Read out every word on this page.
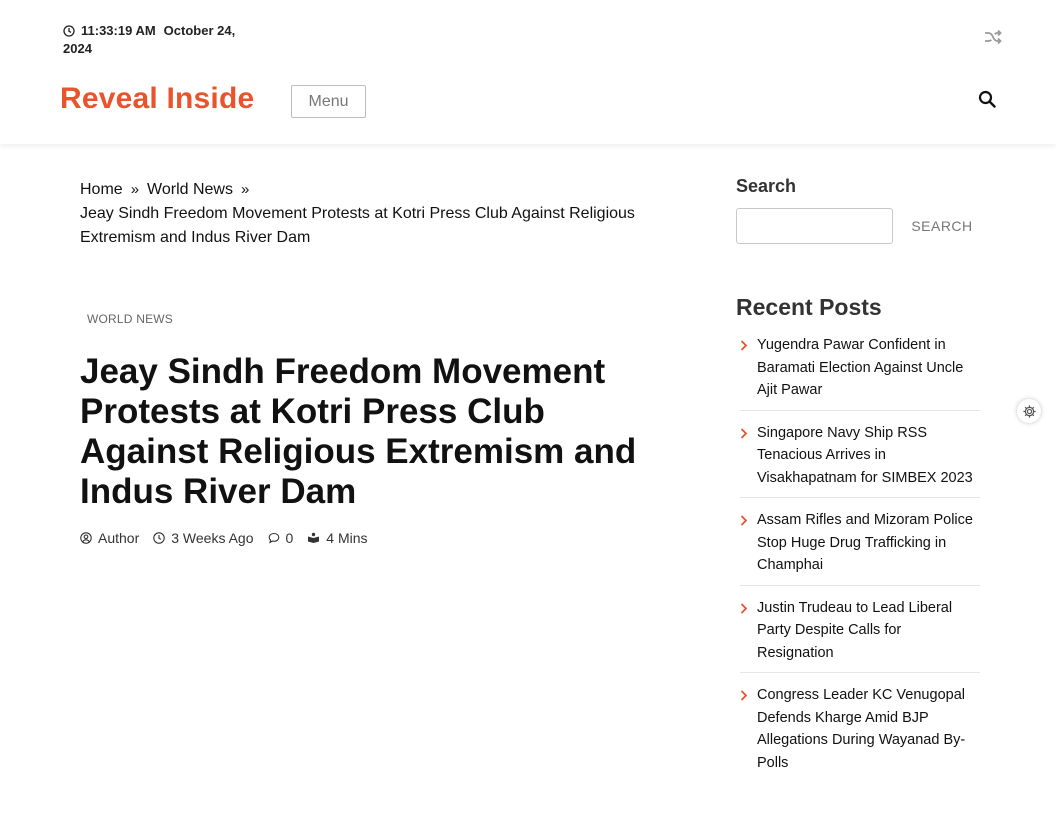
11:33:19 AM October 24, 2024
Reveal Inside	Menu
Home » World News »
Jeay Sindh Freedom Movement Protests at Kotri Press Club Against Religious Extremism and Indus River Dam
WORLD NEWS
Jeay Sindh Freedom Movement Protests at Kotri Press Club Against Religious Extremism and Indus River Dam
Author 3 Weeks Ago 0 4 Mins
Search
SEARCH
Recent Posts
Yugendra Pawar Confident in Baramati Election Against Uncle Ajit Pawar
Singapore Navy Ship RSS Tenacious Arrives in Visakhapatnam for SIMBEX 2023
Assam Rifles and Mizoram Police Stop Huge Drug Trafficking in Champhai
Justin Trudeau to Lead Liberal Party Despite Calls for Resignation
Congress Leader KC Venugopal Defends Kharge Amid BJP Allegations During Wayanad By-Polls
